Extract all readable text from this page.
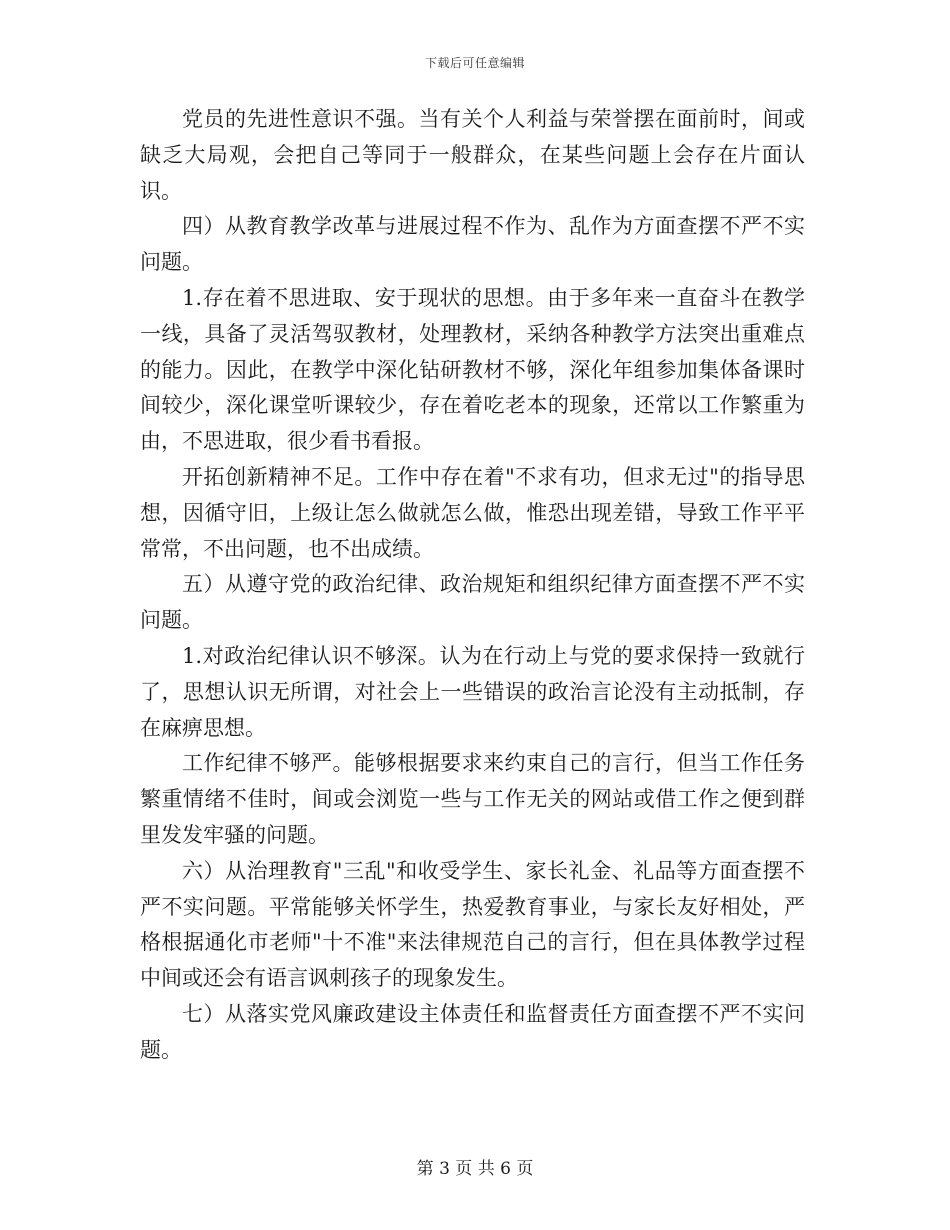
下载后可任意编辑

党员的先进性意识不强。当有关个人利益与荣誉摆在面前时，间或缺乏大局观，会把自己等同于一般群众，在某些问题上会存在片面认识。

四）从教育教学改革与进展过程不作为、乱作为方面查摆不严不实问题。

1.存在着不思进取、安于现状的思想。由于多年来一直奋斗在教学一线，具备了灵活驾驭教材，处理教材，采纳各种教学方法突出重难点的能力。因此，在教学中深化钻研教材不够，深化年组参加集体备课时间较少，深化课堂听课较少，存在着吃老本的现象，还常以工作繁重为由，不思进取，很少看书看报。

开拓创新精神不足。工作中存在着"不求有功，但求无过"的指导思想，因循守旧，上级让怎么做就怎么做，惟恐出现差错，导致工作平平常常，不出问题，也不出成绩。

五）从遵守党的政治纪律、政治规矩和组织纪律方面查摆不严不实问题。

1.对政治纪律认识不够深。认为在行动上与党的要求保持一致就行了，思想认识无所谓，对社会上一些错误的政治言论没有主动抵制，存在麻痹思想。

工作纪律不够严。能够根据要求来约束自己的言行，但当工作任务繁重情绪不佳时，间或会浏览一些与工作无关的网站或借工作之便到群里发发牢骚的问题。

六）从治理教育"三乱"和收受学生、家长礼金、礼品等方面查摆不严不实问题。平常能够关怀学生，热爱教育事业，与家长友好相处，严格根据通化市老师"十不准"来法律规范自己的言行，但在具体教学过程中间或还会有语言讽刺孩子的现象发生。

七）从落实党风廉政建设主体责任和监督责任方面查摆不严不实问题。

第 3 页 共 6 页
